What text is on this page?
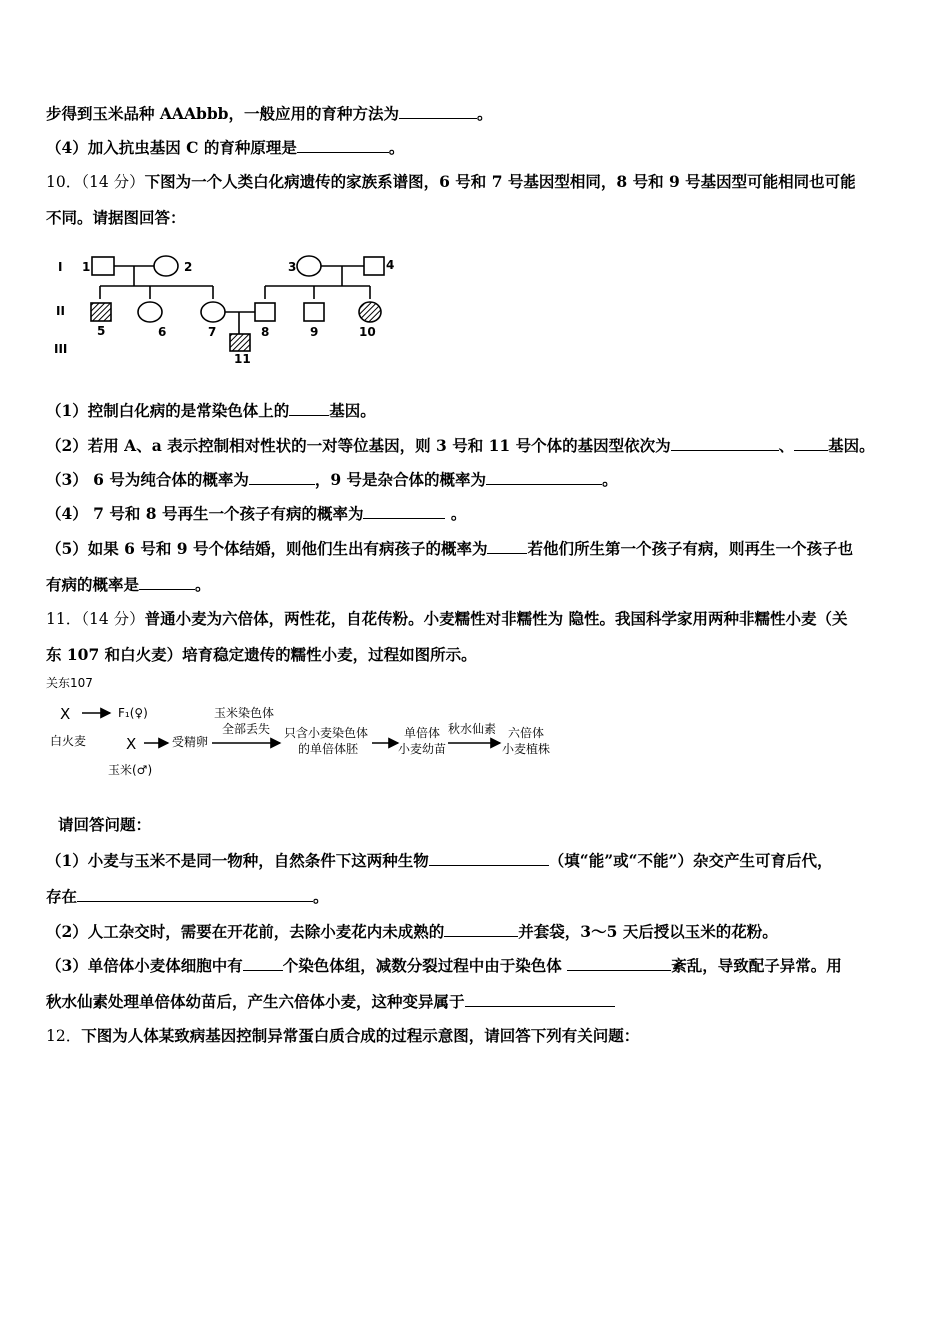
步得到玉米品种 AAAbbb，一般应用的育种方法为	。
（4）加入抗虫基因 C 的育种原理是	。
10．（14 分）下图为一个人类白化病遗传的家族系谱图，6 号和 7 号基因型相同，8 号和 9 号基因型可能相同也可能
不同。请据图回答：
I
II
III
1	2	3	4
5	6	7	8	9	10
11
（1）控制白化病的是常染色体上的	基因。
（2）若用 A、a 表示控制相对性状的一对等位基因，则 3 号和 11 号个体的基因型依次为	、 基因。
（3） 6 号为纯合体的概率为	，9 号是杂合体的概率为	。
（4） 7 号和 8 号再生一个孩子有病的概率为	。
（5）如果 6 号和 9 号个体结婚，则他们生出有病孩子的概率为	若他们所生第一个孩子有病，则再生一个孩子也
有病的概率是	。
11．（14 分）普通小麦为六倍体，两性花，自花传粉。小麦糯性对非糯性为 隐性。我国科学家用两种非糯性小麦（关
东 107 和白火麦）培育稳定遗传的糯性小麦，过程如图所示。
关东107
X
白火麦
F₁(♀)
X
玉米(♂)
受精卵
玉米染色体
全部丢失 只含小麦染色体
的单倍体胚
单倍体
小麦幼苗
秋水仙素 六倍体
小麦植株
请回答问题：
（1）小麦与玉米不是同一物种，自然条件下这两种生物	（填“能”或“不能”）杂交产生可育后代，
存在	。
（2）人工杂交时，需要在开花前，去除小麦花内未成熟的	并套袋，3～5 天后授以玉米的花粉。
（3）单倍体小麦体细胞中有	个染色体组，减数分裂过程中由于染色体	紊乱，导致配子异常。用
秋水仙素处理单倍体幼苗后，产生六倍体小麦，这种变异属于
12．下图为人体某致病基因控制异常蛋白质合成的过程示意图，请回答下列有关问题：
